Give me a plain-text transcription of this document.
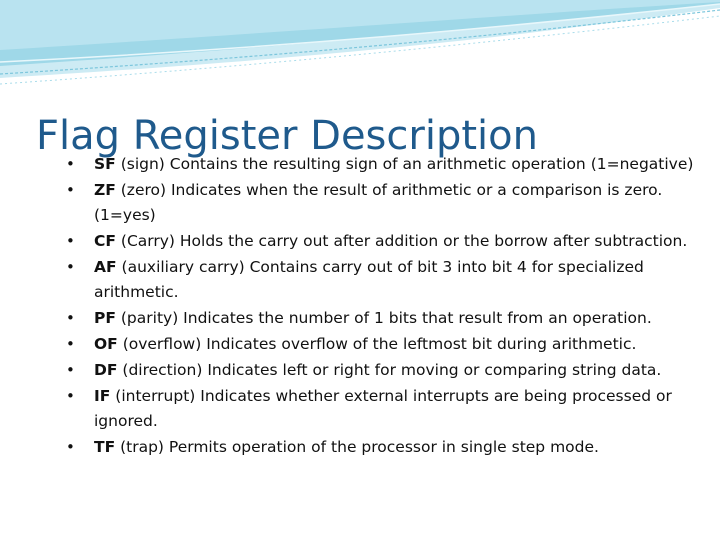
Flag Register Description
• SF (sign) Contains the resulting sign of an arithmetic operation (1=negative)
• ZF (zero) Indicates when the result of arithmetic or a comparison is zero. (1=yes)
• CF (Carry) Holds the carry out after addition or the borrow after subtraction.
• AF (auxiliary carry) Contains carry out of bit 3 into bit 4 for specialized arithmetic.
• PF (parity) Indicates the number of 1 bits that result from an operation.
• OF (overflow) Indicates overflow of the leftmost bit during arithmetic.
• DF (direction) Indicates left or right for moving or comparing string data.
• IF (interrupt) Indicates whether external interrupts are being processed or ignored.
• TF (trap) Permits operation of the processor in single step mode.
